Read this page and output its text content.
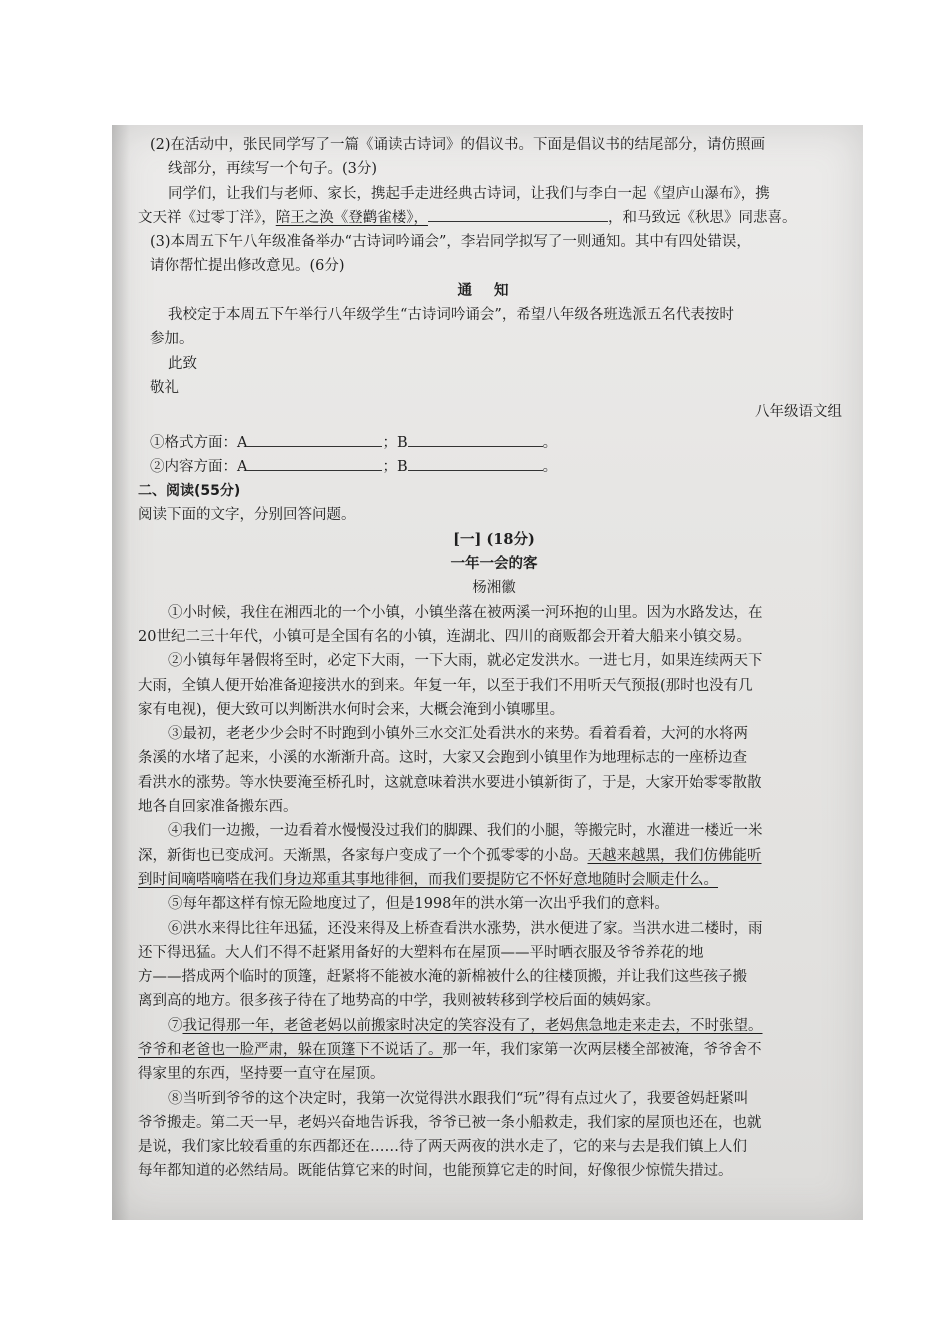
(2)在活动中，张民同学写了一篇《诵读古诗词》的倡议书。下面是倡议书的结尾部分，请仿照画
线部分，再续写一个句子。(3分)
同学们，让我们与老师、家长，携起手走进经典古诗词，让我们与李白一起《望庐山瀑布》，携
文天祥《过零丁洋》，陪王之涣《登鹳雀楼》，	，和马致远《秋思》同悲喜。
(3)本周五下午八年级准备举办“古诗词吟诵会”，李岩同学拟写了一则通知。其中有四处错误，
请你帮忙提出修改意见。(6分)
通知
我校定于本周五下午举行八年级学生“古诗词吟诵会”，希望八年级各班选派五名代表按时
参加。
此致
敬礼
八年级语文组
①格式方面：A	；B	。
②内容方面：A	；B	。
二、阅读(55分)
阅读下面的文字，分别回答问题。
[一] (18分)
一年一会的客
杨湘徽
①小时候，我住在湘西北的一个小镇，小镇坐落在被两溪一河环抱的山里。因为水路发达，在
20世纪二三十年代，小镇可是全国有名的小镇，连湖北、四川的商贩都会开着大船来小镇交易。
②小镇每年暑假将至时，必定下大雨，一下大雨，就必定发洪水。一进七月，如果连续两天下
大雨，全镇人便开始准备迎接洪水的到来。年复一年，以至于我们不用听天气预报(那时也没有几
家有电视)，便大致可以判断洪水何时会来，大概会淹到小镇哪里。
③最初，老老少少会时不时跑到小镇外三水交汇处看洪水的来势。看着看着，大河的水将两
条溪的水堵了起来，小溪的水渐渐升高。这时，大家又会跑到小镇里作为地理标志的一座桥边查
看洪水的涨势。等水快要淹至桥孔时，这就意味着洪水要进小镇新街了，于是，大家开始零零散散
地各自回家准备搬东西。
④我们一边搬，一边看着水慢慢没过我们的脚踝、我们的小腿，等搬完时，水灌进一楼近一米
深，新街也已变成河。天渐黑，各家每户变成了一个个孤零零的小岛。天越来越黑，我们仿佛能听
到时间嘀嗒嘀嗒在我们身边郑重其事地徘徊，而我们要提防它不怀好意地随时会顺走什么。
⑤每年都这样有惊无险地度过了，但是1998年的洪水第一次出乎我们的意料。
⑥洪水来得比往年迅猛，还没来得及上桥查看洪水涨势，洪水便进了家。当洪水进二楼时，雨
还下得迅猛。大人们不得不赶紧用备好的大塑料布在屋顶——平时晒衣服及爷爷养花的地
方——搭成两个临时的顶篷，赶紧将不能被水淹的新棉被什么的往楼顶搬，并让我们这些孩子搬
离到高的地方。很多孩子待在了地势高的中学，我则被转移到学校后面的姨妈家。
⑦我记得那一年，老爸老妈以前搬家时决定的笑容没有了，老妈焦急地走来走去，不时张望。
爷爷和老爸也一脸严肃，躲在顶篷下不说话了。那一年，我们家第一次两层楼全部被淹，爷爷舍不
得家里的东西，坚持要一直守在屋顶。
⑧当听到爷爷的这个决定时，我第一次觉得洪水跟我们“玩”得有点过火了，我要爸妈赶紧叫
爷爷搬走。第二天一早，老妈兴奋地告诉我，爷爷已被一条小船救走，我们家的屋顶也还在，也就
是说，我们家比较看重的东西都还在……待了两天两夜的洪水走了，它的来与去是我们镇上人们
每年都知道的必然结局。既能估算它来的时间，也能预算它走的时间，好像很少惊慌失措过。
